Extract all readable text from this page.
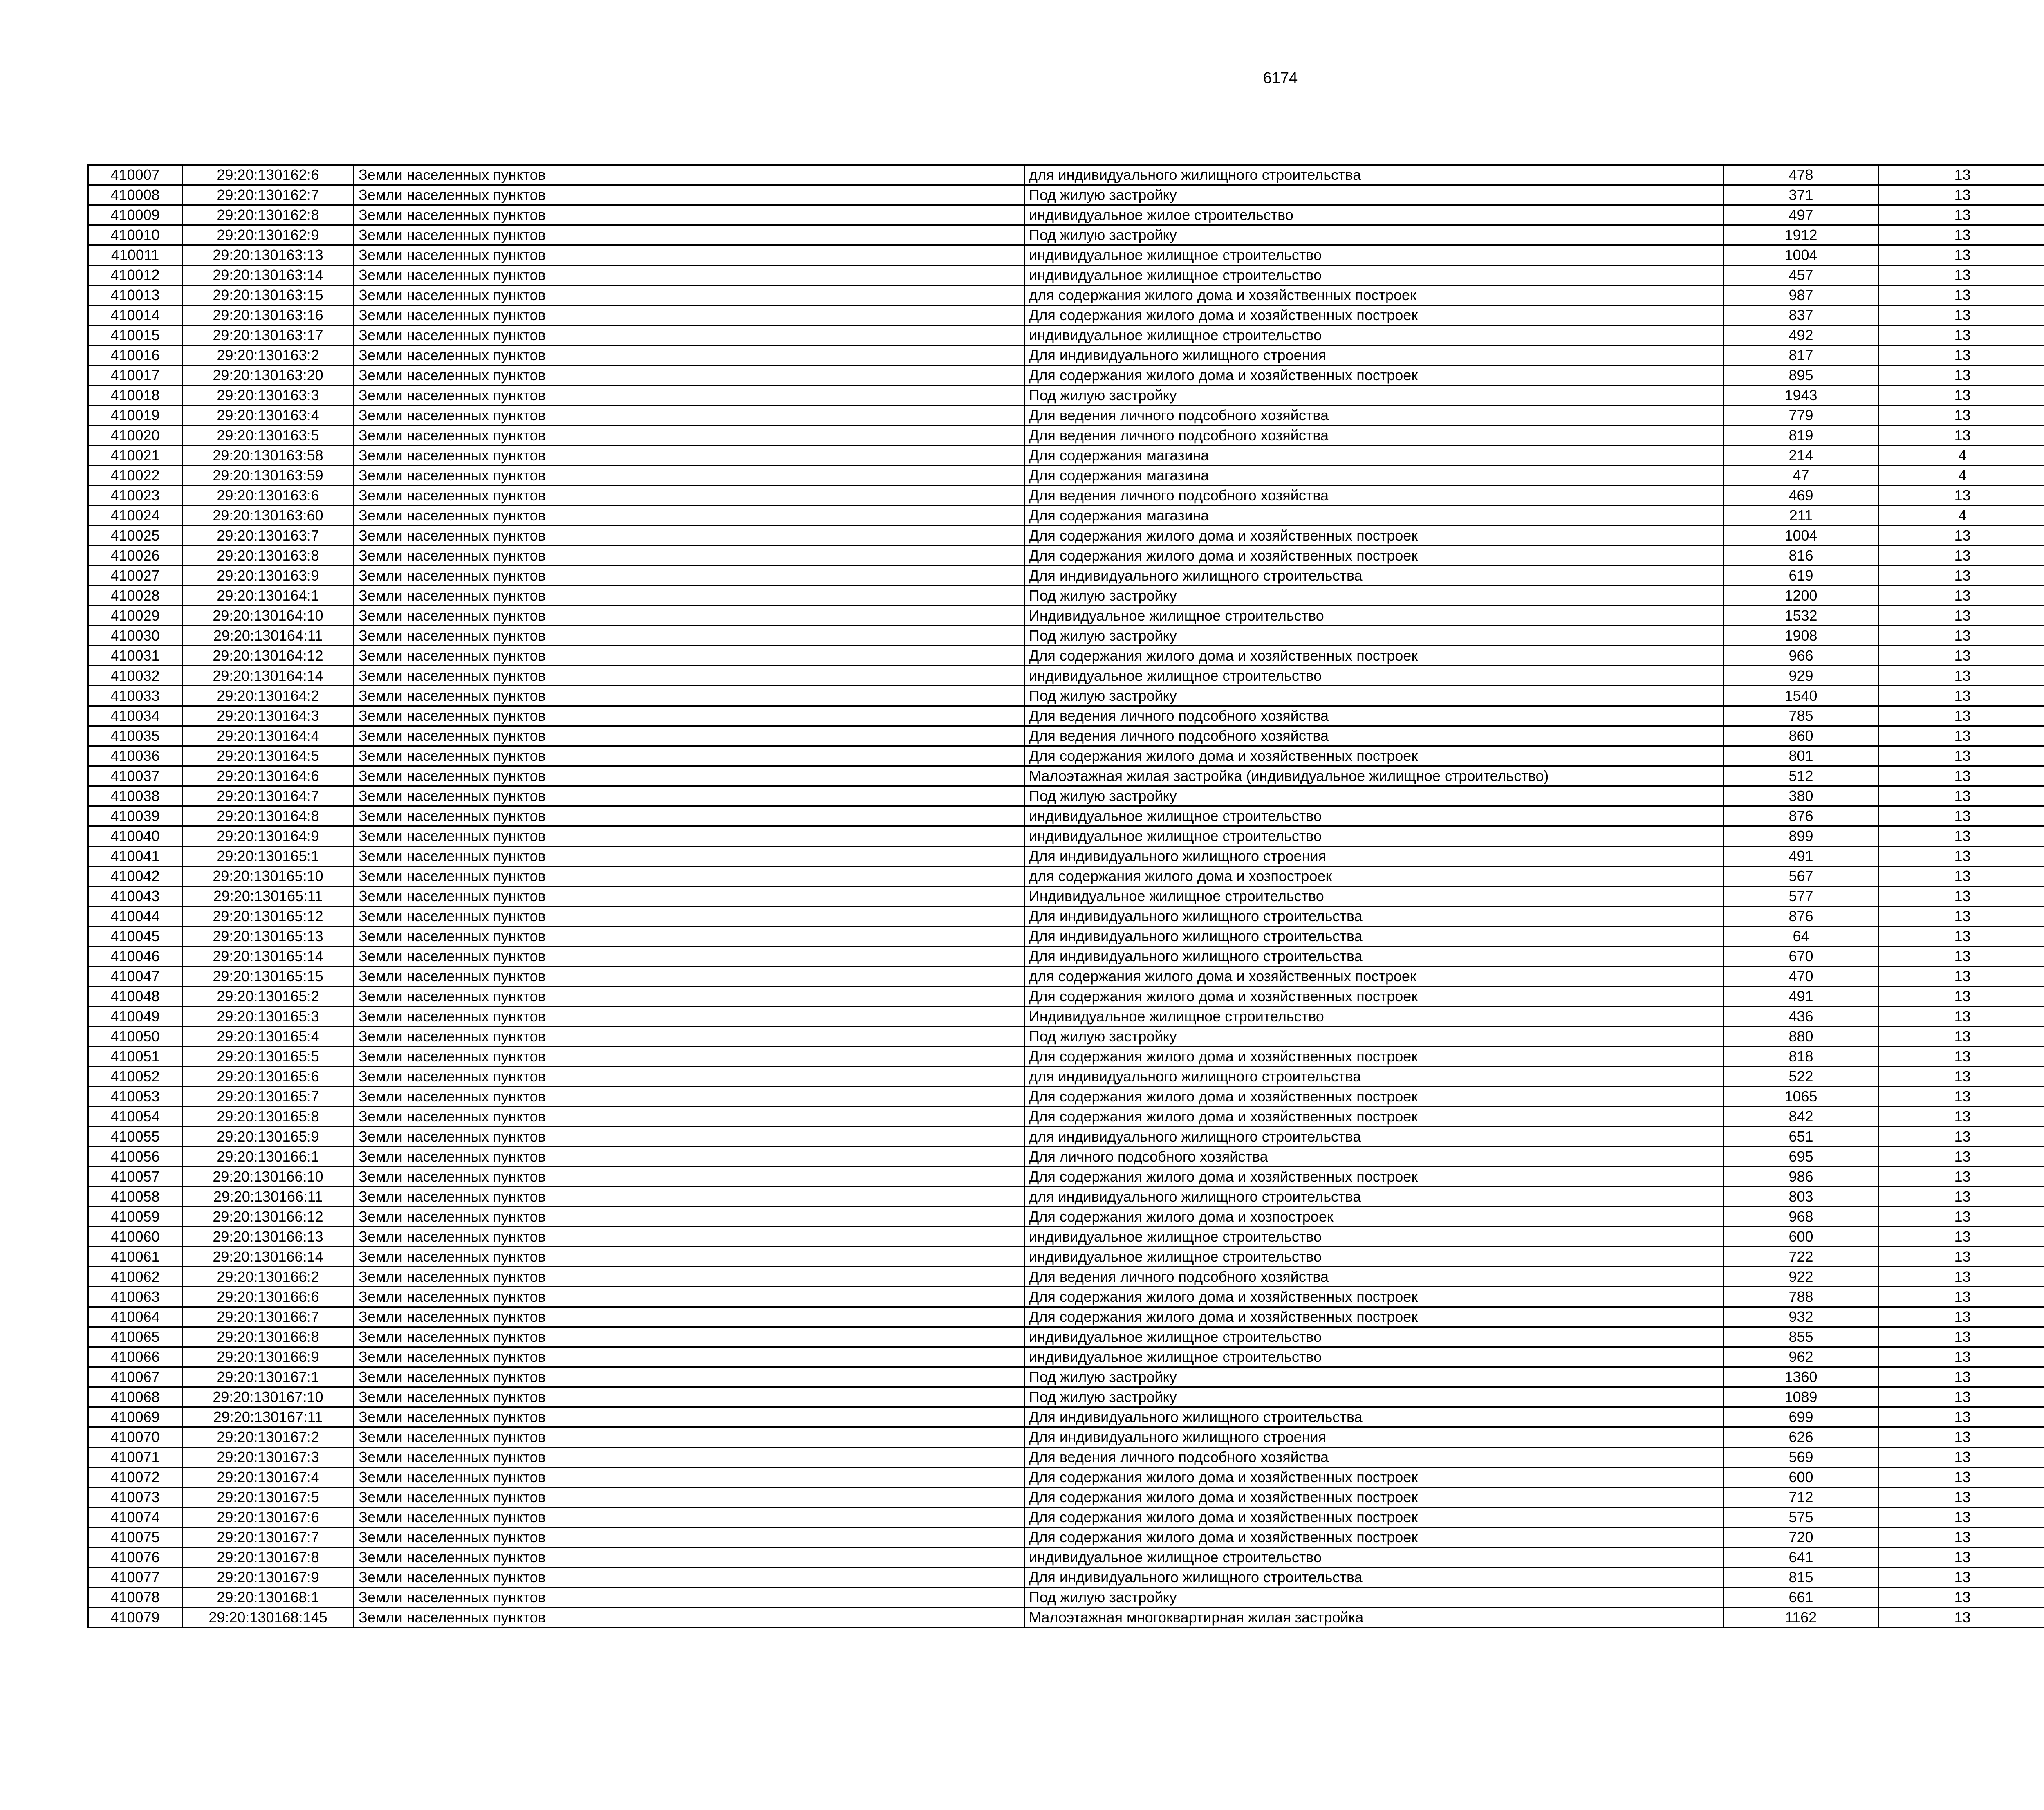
6174
410007	29:20:130162:6	Земли населенных пунктов	для индивидуального жилищного строительства	478	13		
410008	29:20:130162:7	Земли населенных пунктов	Под жилую застройку	371	13		
410009	29:20:130162:8	Земли населенных пунктов	индивидуальное жилое строительство	497	13		
410010	29:20:130162:9	Земли населенных пунктов	Под жилую застройку	1912	13		
410011	29:20:130163:13	Земли населенных пунктов	индивидуальное жилищное строительство	1004	13		
410012	29:20:130163:14	Земли населенных пунктов	индивидуальное жилищное строительство	457	13		
410013	29:20:130163:15	Земли населенных пунктов	для содержания жилого дома и хозяйственных построек	987	13		
410014	29:20:130163:16	Земли населенных пунктов	Для содержания жилого дома и хозяйственных построек	837	13		
410015	29:20:130163:17	Земли населенных пунктов	индивидуальное жилищное строительство	492	13		
410016	29:20:130163:2	Земли населенных пунктов	Для индивидуального жилищного строения	817	13		
410017	29:20:130163:20	Земли населенных пунктов	Для содержания жилого дома и хозяйственных построек	895	13		
410018	29:20:130163:3	Земли населенных пунктов	Под жилую застройку	1943	13		
410019	29:20:130163:4	Земли населенных пунктов	Для ведения личного подсобного хозяйства	779	13		
410020	29:20:130163:5	Земли населенных пунктов	Для ведения личного подсобного хозяйства	819	13		
410021	29:20:130163:58	Земли населенных пунктов	Для содержания магазина	214	4		
410022	29:20:130163:59	Земли населенных пунктов	Для содержания магазина	47	4		
410023	29:20:130163:6	Земли населенных пунктов	Для ведения личного подсобного хозяйства	469	13		
410024	29:20:130163:60	Земли населенных пунктов	Для содержания магазина	211	4		
410025	29:20:130163:7	Земли населенных пунктов	Для содержания жилого дома и хозяйственных построек	1004	13		
410026	29:20:130163:8	Земли населенных пунктов	Для содержания жилого дома и хозяйственных построек	816	13		
410027	29:20:130163:9	Земли населенных пунктов	Для индивидуального жилищного строительства	619	13		
410028	29:20:130164:1	Земли населенных пунктов	Под жилую застройку	1200	13		
410029	29:20:130164:10	Земли населенных пунктов	Индивидуальное жилищное строительство	1532	13		
410030	29:20:130164:11	Земли населенных пунктов	Под жилую застройку	1908	13		
410031	29:20:130164:12	Земли населенных пунктов	Для содержания жилого дома и хозяйственных построек	966	13		
410032	29:20:130164:14	Земли населенных пунктов	индивидуальное жилищное строительство	929	13		
410033	29:20:130164:2	Земли населенных пунктов	Под жилую застройку	1540	13		
410034	29:20:130164:3	Земли населенных пунктов	Для ведения личного подсобного хозяйства	785	13		
410035	29:20:130164:4	Земли населенных пунктов	Для ведения личного подсобного хозяйства	860	13		
410036	29:20:130164:5	Земли населенных пунктов	Для содержания жилого дома и хозяйственных построек	801	13		
410037	29:20:130164:6	Земли населенных пунктов	Малоэтажная жилая застройка (индивидуальное жилищное строительство)	512	13		
410038	29:20:130164:7	Земли населенных пунктов	Под жилую застройку	380	13		
410039	29:20:130164:8	Земли населенных пунктов	индивидуальное жилищное строительство	876	13		
410040	29:20:130164:9	Земли населенных пунктов	индивидуальное жилищное строительство	899	13		
410041	29:20:130165:1	Земли населенных пунктов	Для индивидуального жилищного строения	491	13		
410042	29:20:130165:10	Земли населенных пунктов	для содержания жилого дома и хозпостроек	567	13		
410043	29:20:130165:11	Земли населенных пунктов	Индивидуальное жилищное строительство	577	13		
410044	29:20:130165:12	Земли населенных пунктов	Для индивидуального жилищного строительства	876	13		
410045	29:20:130165:13	Земли населенных пунктов	Для индивидуального жилищного строительства	64	13		
410046	29:20:130165:14	Земли населенных пунктов	Для индивидуального жилищного строительства	670	13		
410047	29:20:130165:15	Земли населенных пунктов	для содержания жилого дома и хозяйственных построек	470	13		
410048	29:20:130165:2	Земли населенных пунктов	Для содержания жилого дома и хозяйственных построек	491	13		
410049	29:20:130165:3	Земли населенных пунктов	Индивидуальное жилищное строительство	436	13		
410050	29:20:130165:4	Земли населенных пунктов	Под жилую застройку	880	13		
410051	29:20:130165:5	Земли населенных пунктов	Для содержания жилого дома и хозяйственных построек	818	13		
410052	29:20:130165:6	Земли населенных пунктов	для индивидуального жилищного строительства	522	13		
410053	29:20:130165:7	Земли населенных пунктов	Для содержания жилого дома и хозяйственных построек	1065	13		
410054	29:20:130165:8	Земли населенных пунктов	Для содержания жилого дома и хозяйственных построек	842	13		
410055	29:20:130165:9	Земли населенных пунктов	для индивидуального жилищного строительства	651	13		
410056	29:20:130166:1	Земли населенных пунктов	Для личного подсобного хозяйства	695	13		
410057	29:20:130166:10	Земли населенных пунктов	Для содержания жилого дома и хозяйственных построек	986	13		
410058	29:20:130166:11	Земли населенных пунктов	для индивидуального жилищного строительства	803	13		
410059	29:20:130166:12	Земли населенных пунктов	Для содержания жилого дома и хозпостроек	968	13		
410060	29:20:130166:13	Земли населенных пунктов	индивидуальное жилищное строительство	600	13		
410061	29:20:130166:14	Земли населенных пунктов	индивидуальное жилищное строительство	722	13		
410062	29:20:130166:2	Земли населенных пунктов	Для ведения личного подсобного хозяйства	922	13		
410063	29:20:130166:6	Земли населенных пунктов	Для содержания жилого дома и хозяйственных построек	788	13		
410064	29:20:130166:7	Земли населенных пунктов	Для содержания жилого дома и хозяйственных построек	932	13		
410065	29:20:130166:8	Земли населенных пунктов	индивидуальное жилищное строительство	855	13		
410066	29:20:130166:9	Земли населенных пунктов	индивидуальное жилищное строительство	962	13		
410067	29:20:130167:1	Земли населенных пунктов	Под жилую застройку	1360	13		
410068	29:20:130167:10	Земли населенных пунктов	Под жилую застройку	1089	13		
410069	29:20:130167:11	Земли населенных пунктов	Для индивидуального жилищного строительства	699	13		
410070	29:20:130167:2	Земли населенных пунктов	Для индивидуального жилищного строения	626	13		
410071	29:20:130167:3	Земли населенных пунктов	Для ведения личного подсобного хозяйства	569	13		
410072	29:20:130167:4	Земли населенных пунктов	Для содержания жилого дома и хозяйственных построек	600	13		
410073	29:20:130167:5	Земли населенных пунктов	Для содержания жилого дома и хозяйственных построек	712	13		
410074	29:20:130167:6	Земли населенных пунктов	Для содержания жилого дома и хозяйственных построек	575	13		
410075	29:20:130167:7	Земли населенных пунктов	Для содержания жилого дома и хозяйственных построек	720	13		
410076	29:20:130167:8	Земли населенных пунктов	индивидуальное жилищное строительство	641	13		
410077	29:20:130167:9	Земли населенных пунктов	Для индивидуального жилищного строительства	815	13		
410078	29:20:130168:1	Земли населенных пунктов	Под жилую застройку	661	13		
410079	29:20:130168:145	Земли населенных пунктов	Малоэтажная многоквартирная жилая застройка	1162	13		
